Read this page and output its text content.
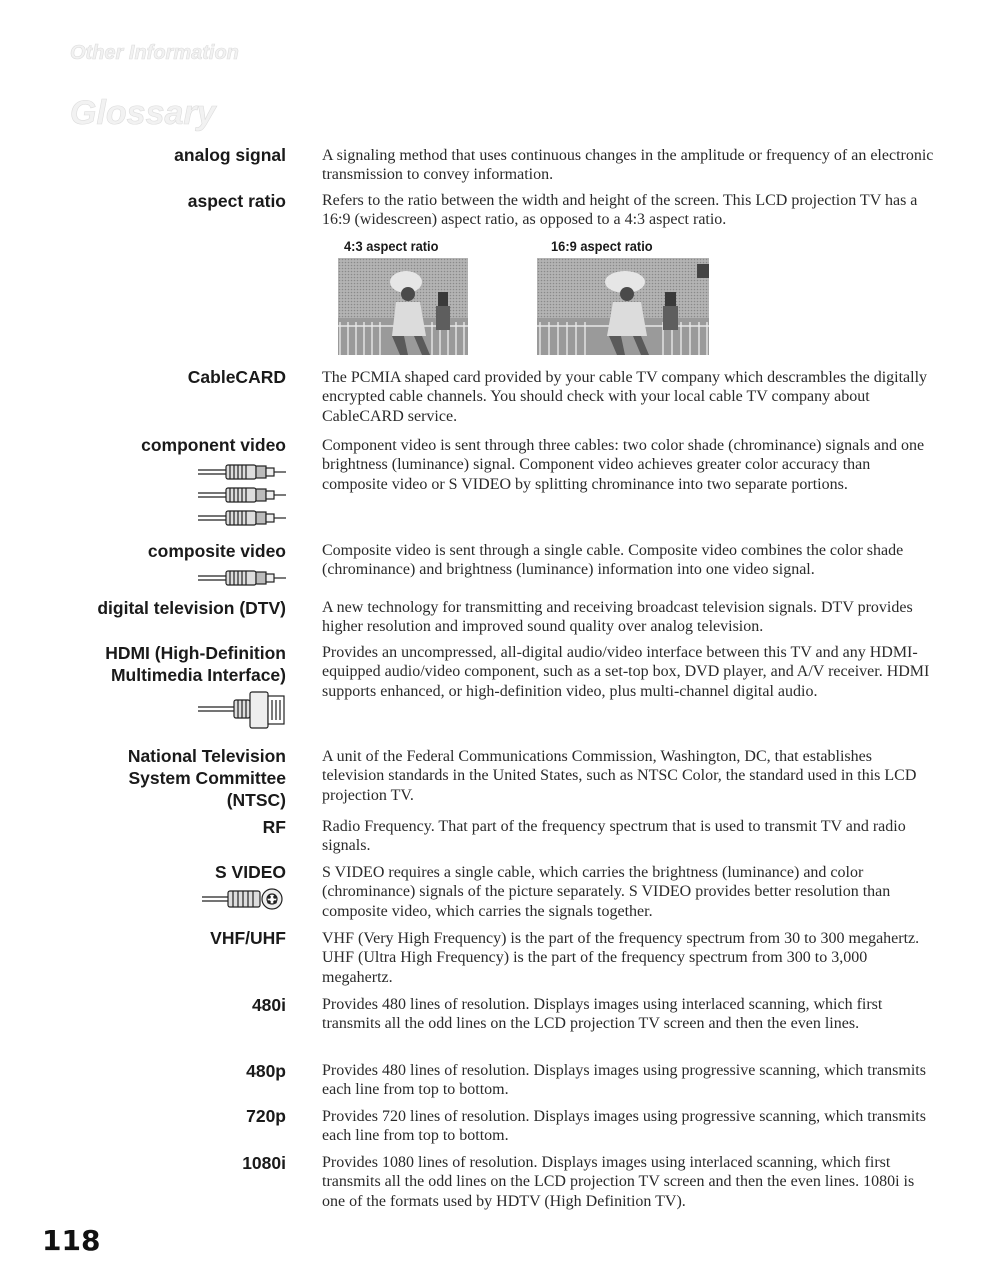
Other Information
Glossary
analog signal
aspect ratio
CableCARD
component video
composite video
digital television (DTV)
HDMI (High-Definition Multimedia Interface)
National Television System Committee (NTSC)
RF
S VIDEO
VHF/UHF
480i
480p
720p
1080i
A signaling method that uses continuous changes in the amplitude or frequency of an electronic transmission to convey information.
Refers to the ratio between the width and height of the screen. This LCD projection TV has a 16:9 (widescreen) aspect ratio, as opposed to a 4:3 aspect ratio.
The PCMIA shaped card provided by your cable TV company which descrambles the digitally encrypted cable channels. You should check with your local cable TV company about CableCARD service.
Component video is sent through three cables: two color shade (chrominance) signals and one brightness (luminance) signal. Component video achieves greater color accuracy than composite video or S VIDEO by splitting chrominance into two separate portions.
Composite video is sent through a single cable. Composite video combines the color shade (chrominance) and brightness (luminance) information into one video signal.
A new technology for transmitting and receiving broadcast television signals. DTV provides higher resolution and improved sound quality over analog television.
Provides an uncompressed, all-digital audio/video interface between this TV and any HDMI-equipped audio/video component, such as a set-top box, DVD player, and A/V receiver. HDMI supports enhanced, or high-definition video, plus multi-channel digital audio.
A unit of the Federal Communications Commission, Washington, DC, that establishes television standards in the United States, such as NTSC Color, the standard used in this LCD projection TV.
Radio Frequency. That part of the frequency spectrum that is used to transmit TV and radio signals.
S VIDEO requires a single cable, which carries the brightness (luminance) and color (chrominance) signals of the picture separately. S VIDEO provides better resolution than composite video, which carries the signals together.
VHF (Very High Frequency) is the part of the frequency spectrum from 30 to 300 megahertz. UHF (Ultra High Frequency) is the part of the frequency spectrum from 300 to 3,000 megahertz.
Provides 480 lines of resolution. Displays images using interlaced scanning, which first transmits all the odd lines on the LCD projection TV screen and then the even lines.
Provides 480 lines of resolution. Displays images using progressive scanning, which transmits each line from top to bottom.
Provides 720 lines of resolution. Displays images using progressive scanning, which transmits each line from top to bottom.
Provides 1080 lines of resolution. Displays images using interlaced scanning, which first transmits all the odd lines on the LCD projection TV screen and then the even lines. 1080i is one of the formats used by HDTV (High Definition TV).
4:3 aspect ratio	16:9 aspect ratio
118
